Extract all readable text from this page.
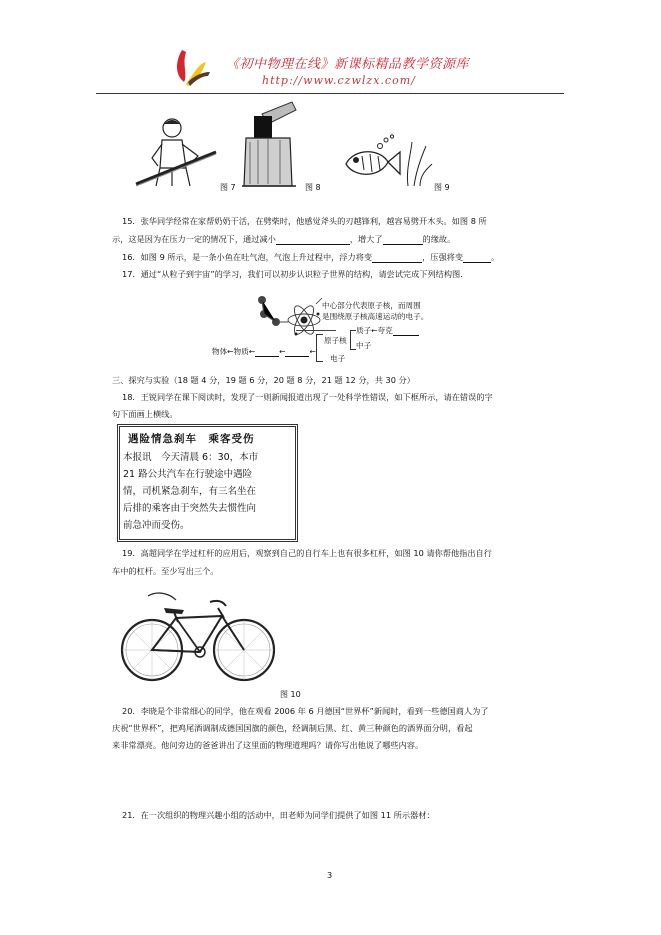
《初中物理在线》新课标精品教学资源库
http://www.czwlzx.com/
图 7	图 8	图 9
15．张华同学经常在家帮奶奶干活，在劈柴时，他感觉斧头的刃越锋利，越容易劈开木头。如图 8 所
示，这是因为在压力一定的情况下，通过减小	，增大了	的缘故。
16．如图 9 所示，是一条小鱼在吐气泡，气泡上升过程中，浮力将变	，压强将变	。
17．通过“从粒子到宇宙”的学习，我们可以初步认识粒子世界的结构，请尝试完成下列结构图.
中心部分代表原子核，而周围
是围绕原子核高速运动的电子。
物体←物质←	←	←
原子核
质子←夸克
中子
电子
三、探究与实验（18 题 4 分，19 题 6 分，20 题 8 分，21 题 12 分，共 30 分）
18．王锐同学在课下阅读时，发现了一则新闻报道出现了一处科学性错误，如下框所示，请在错误的字
句下面画上横线。
遇险情急刹车　乘客受伤
本报讯　今天清晨 6：30，本市
21 路公共汽车在行驶途中遇险
情，司机紧急刹车，有三名坐在
后排的乘客由于突然失去惯性向
前急冲而受伤。
19．高超同学在学过杠杆的应用后，观察到自己的自行车上也有很多杠杆，如图 10 请你帮他指出自行
车中的杠杆。至少写出三个。
图 10
20．李晓是个非常细心的同学，他在观看 2006 年 6 月德国“世界杯”新闻时，看到一些德国商人为了
庆祝“世界杯”，把鸡尾酒调制成德国国旗的颜色，经调制后黑、红、黄三种颜色的酒界面分明，看起
来非常漂亮。他问旁边的爸爸讲出了这里面的物理道理吗？请你写出他说了哪些内容。
21．在一次组织的物理兴趣小组的活动中，田老师为同学们提供了如图 11 所示器材：
3
